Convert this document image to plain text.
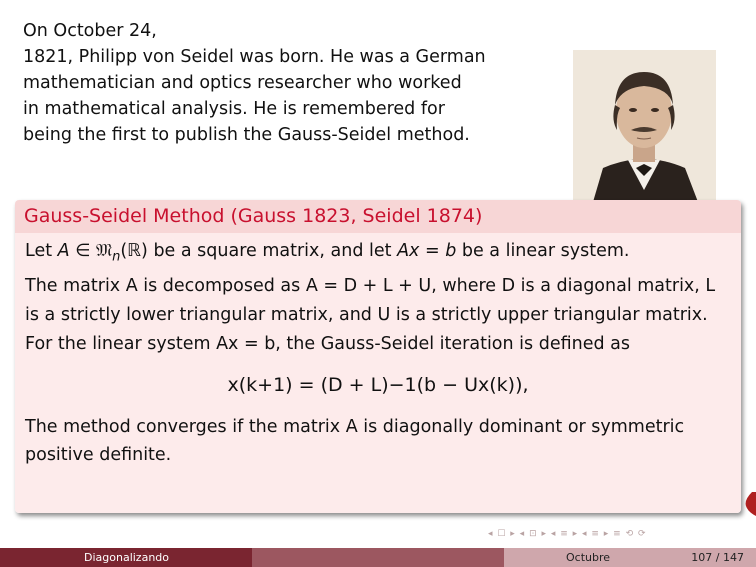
On October 24,
1821, Philipp von Seidel was born. He was a German
mathematician and optics researcher who worked
in mathematical analysis. He is remembered for
being the first to publish the Gauss-Seidel method.
Gauss-Seidel Method (Gauss 1823, Seidel 1874)

Let A ∈ 𝔐$_n$(ℝ) be a square matrix, and let Ax = b be a linear system.

The matrix A is decomposed as A = D + L + U, where D is a diagonal matrix, L is a strictly lower triangular matrix, and U is a strictly upper triangular matrix.

For the linear system Ax = b, the Gauss-Seidel iteration is defined as

x(k+1) = (D + L)−1(b − Ux(k)),

The method converges if the matrix A is diagonally dominant or symmetric positive definite.

◂ ☐ ▸ ◂ ⊡ ▸ ◂ ≡ ▸ ◂ ≡ ▸ ≡ ⟲ ⟳
Diagonalizando	Octubre	107 / 147
